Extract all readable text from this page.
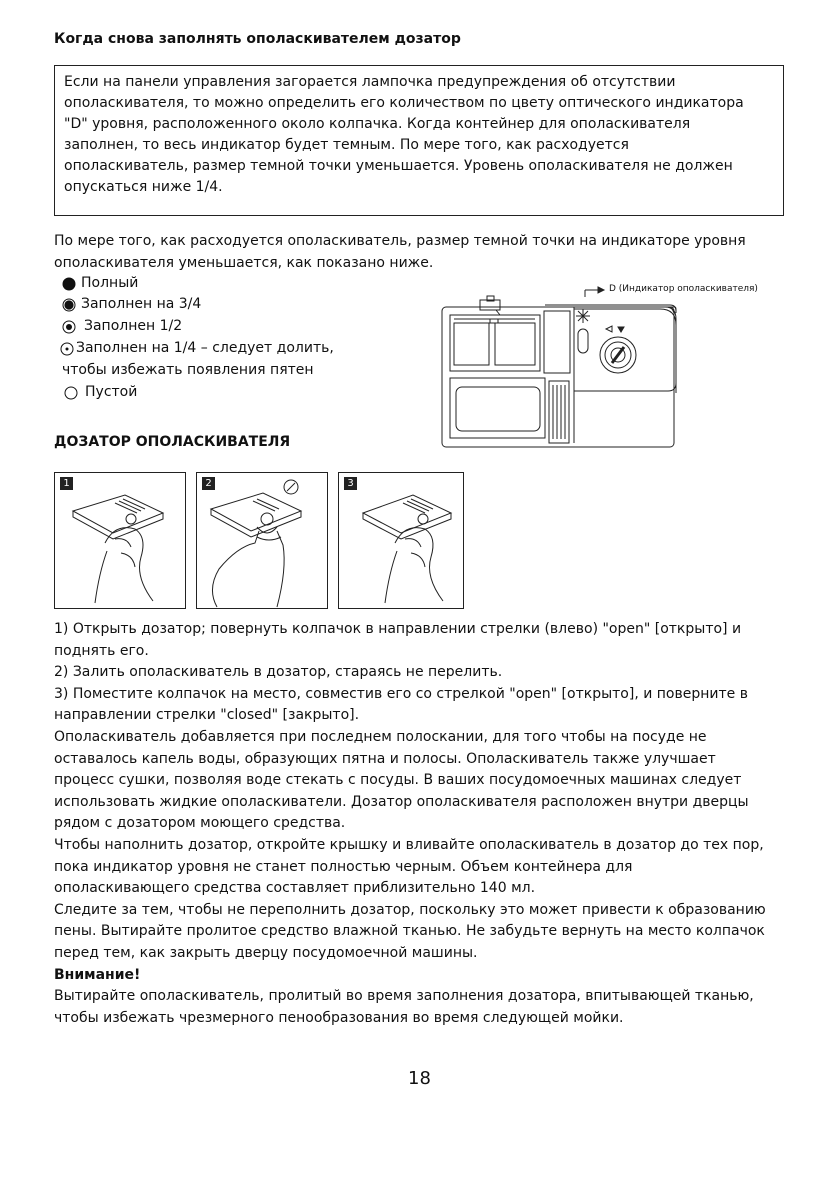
Когда снова заполнять ополаскивателем дозатор

Если на панели управления загорается лампочка предупреждения об отсутствии

ополаскивателя, то можно определить его количеством по цвету оптического индикатора

"D" уровня, расположенного около колпачка. Когда контейнер для ополаскивателя

заполнен, то весь индикатор будет темным. По мере того, как расходуется

ополаскиватель, размер темной точки уменьшается. Уровень ополаскивателя не должен

опускаться ниже 1/4.

По мере того, как расходуется ополаскиватель, размер темной точки на индикаторе уровня

ополаскивателя уменьшается, как показано ниже.

Полный
Заполнен на 3/4
Заполнен 1/2
Заполнен на 1/4 – следует долить,
чтобы избежать появления пятен
Пустой
D (Индикатор ополаскивателя)
ДОЗАТОР ОПОЛАСКИВАТЕЛЯ
1	2	3

1) Открыть дозатор; повернуть колпачок в направлении стрелки (влево) "open" [открыто] и

поднять его.

2) Залить ополаскиватель в дозатор, стараясь не перелить.

3) Поместите колпачок на место, совместив его со стрелкой "open" [открыто], и поверните в

направлении стрелки "closed" [закрыто].

Ополаскиватель добавляется при последнем полоскании, для того чтобы на посуде не

оставалось капель воды, образующих пятна и полосы. Ополаскиватель также улучшает

процесс сушки, позволяя воде стекать с посуды. В ваших посудомоечных машинах следует

использовать жидкие ополаскиватели. Дозатор ополаскивателя расположен внутри дверцы

рядом с дозатором моющего средства.

Чтобы наполнить дозатор, откройте крышку и вливайте ополаскиватель в дозатор до тех пор,

пока индикатор уровня не станет полностью черным. Объем контейнера для

ополаскивающего средства составляет приблизительно 140 мл.

Следите за тем, чтобы не переполнить дозатор, поскольку это может привести к образованию

пены. Вытирайте пролитое средство влажной тканью. Не забудьте вернуть на место колпачок

перед тем, как закрыть дверцу посудомоечной машины.

Внимание!

Вытирайте ополаскиватель, пролитый во время заполнения дозатора, впитывающей тканью,

чтобы избежать чрезмерного пенообразования во время следующей мойки.

18
